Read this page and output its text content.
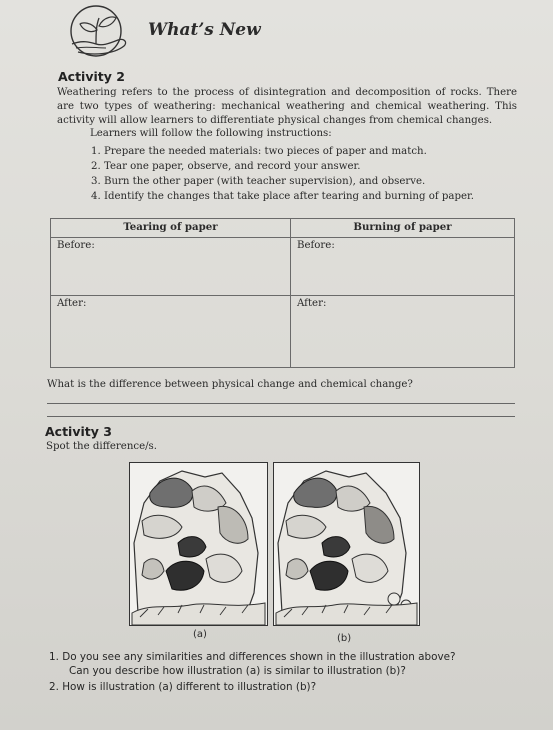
What’s New
Activity 2
Weathering refers to the process of disintegration and decomposition of rocks. There are two types of weathering: mechanical weathering and chemical weathering. This activity will allow learners to differentiate physical changes from chemical changes.
Learners will follow the following instructions:
1. Prepare the needed materials: two pieces of paper and match.
2. Tear one paper, observe, and record your answer.
3. Burn the other paper (with teacher supervision), and observe.
4. Identify the changes that take place after tearing and burning of paper.
Tearing of paper	Burning of paper
Before:	Before:
After:	After:
What is the difference between physical change and chemical change?
Activity 3
Spot the difference/s.
(a)	(b)
1. Do you see any similarities and differences shown in the illustration above?
Can you describe how illustration (a) is similar to illustration (b)?
2. How is illustration (a) different to illustration (b)?
